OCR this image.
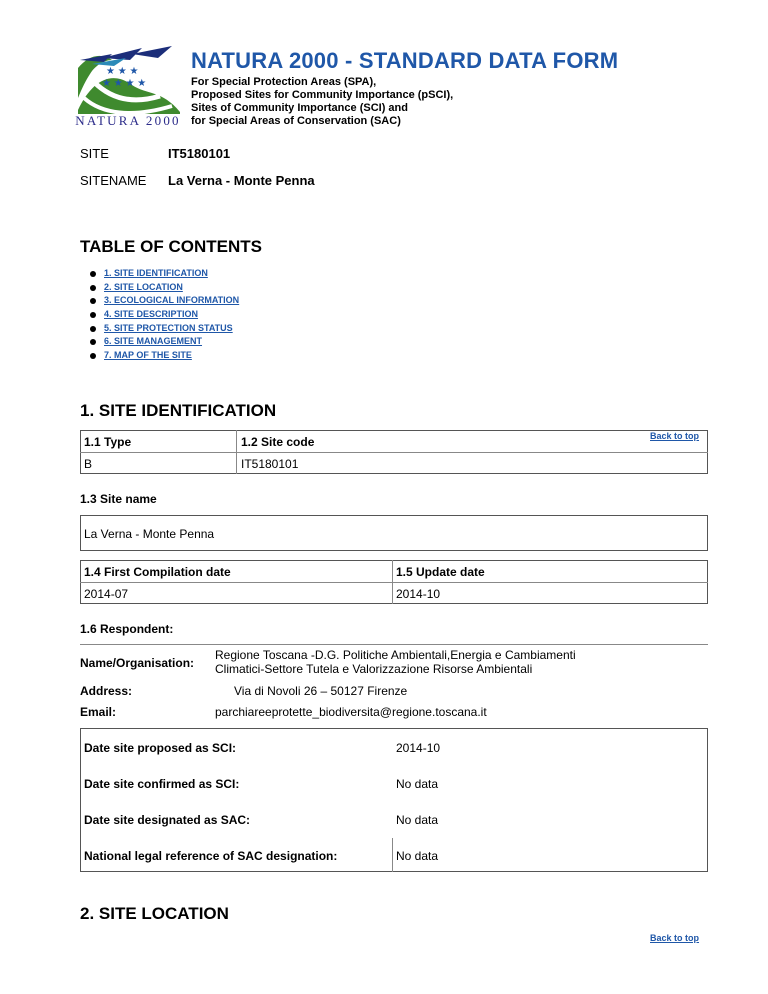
★ ★ ★
★ ★ ★ ★
NATURA 2000
NATURA 2000 - STANDARD DATA FORM
For Special Protection Areas (SPA),
Proposed Sites for Community Importance (pSCI),
Sites of Community Importance (SCI) and
for Special Areas of Conservation (SAC)
SITE	IT5180101
SITENAME La Verna - Monte Penna
TABLE OF CONTENTS
1. SITE IDENTIFICATION
2. SITE LOCATION
3. ECOLOGICAL INFORMATION
4. SITE DESCRIPTION
5. SITE PROTECTION STATUS
6. SITE MANAGEMENT
7. MAP OF THE SITE
1. SITE IDENTIFICATION
1.1 Type	1.2 Site code
B	IT5180101
Back to top
1.3 Site name
La Verna - Monte Penna
1.4 First Compilation date	1.5 Update date
2014-07	2014-10
1.6 Respondent:
Name/Organisation:
Regione Toscana -D.G. Politiche Ambientali,Energia e Cambiamenti
Climatici-Settore Tutela e Valorizzazione Risorse Ambientali
Address:	Via di Novoli 26 – 50127 Firenze
Email:	parchiareeprotette_biodiversita@regione.toscana.it
Date site proposed as SCI:	2014-10
Date site confirmed as SCI:	No data
Date site designated as SAC:	No data
National legal reference of SAC designation:	No data
2. SITE LOCATION
Back to top
